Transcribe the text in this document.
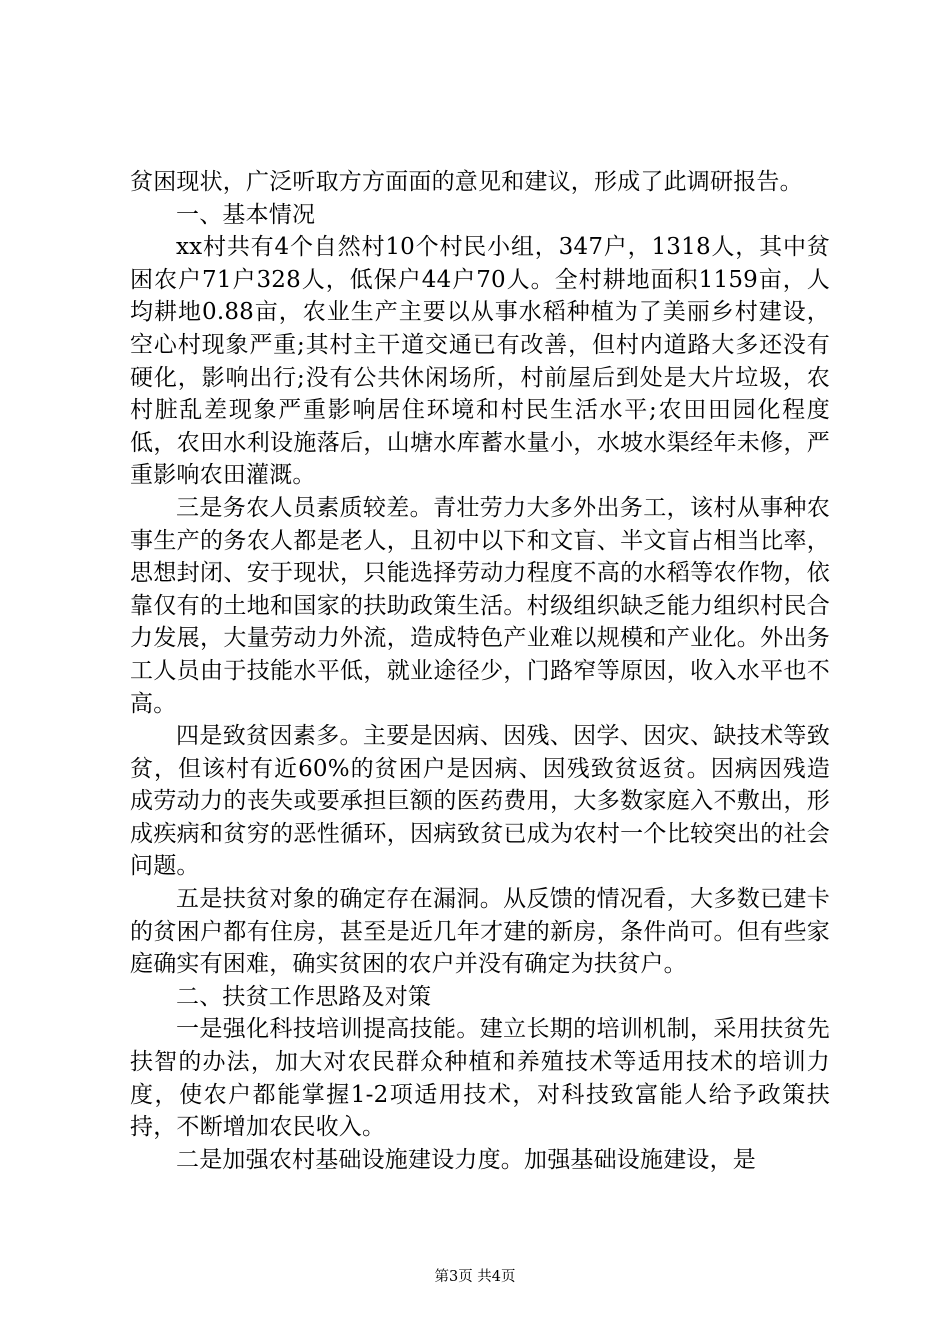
贫困现状，广泛听取方方面面的意见和建议，形成了此调研报告。

一、基本情况

xx村共有4个自然村10个村民小组，347户，1318人，其中贫困农户71户328人，低保户44户70人。全村耕地面积1159亩，人均耕地0.88亩，农业生产主要以从事水稻种植为了美丽乡村建设，空心村现象严重;其村主干道交通已有改善，但村内道路大多还没有硬化，影响出行;没有公共休闲场所，村前屋后到处是大片垃圾，农村脏乱差现象严重影响居住环境和村民生活水平;农田田园化程度低，农田水利设施落后，山塘水库蓄水量小，水坡水渠经年未修，严重影响农田灌溉。

三是务农人员素质较差。青壮劳力大多外出务工，该村从事种农事生产的务农人都是老人，且初中以下和文盲、半文盲占相当比率，思想封闭、安于现状，只能选择劳动力程度不高的水稻等农作物，依靠仅有的土地和国家的扶助政策生活。村级组织缺乏能力组织村民合力发展，大量劳动力外流，造成特色产业难以规模和产业化。外出务工人员由于技能水平低，就业途径少，门路窄等原因，收入水平也不高。

四是致贫因素多。主要是因病、因残、因学、因灾、缺技术等致贫，但该村有近60%的贫困户是因病、因残致贫返贫。因病因残造成劳动力的丧失或要承担巨额的医药费用，大多数家庭入不敷出，形成疾病和贫穷的恶性循环，因病致贫已成为农村一个比较突出的社会问题。

五是扶贫对象的确定存在漏洞。从反馈的情况看，大多数已建卡的贫困户都有住房，甚至是近几年才建的新房，条件尚可。但有些家庭确实有困难，确实贫困的农户并没有确定为扶贫户。

二、扶贫工作思路及对策

一是强化科技培训提高技能。建立长期的培训机制，采用扶贫先扶智的办法，加大对农民群众种植和养殖技术等适用技术的培训力度，使农户都能掌握1-2项适用技术，对科技致富能人给予政策扶持，不断增加农民收入。

二是加强农村基础设施建设力度。加强基础设施建设，是

第3页 共4页
